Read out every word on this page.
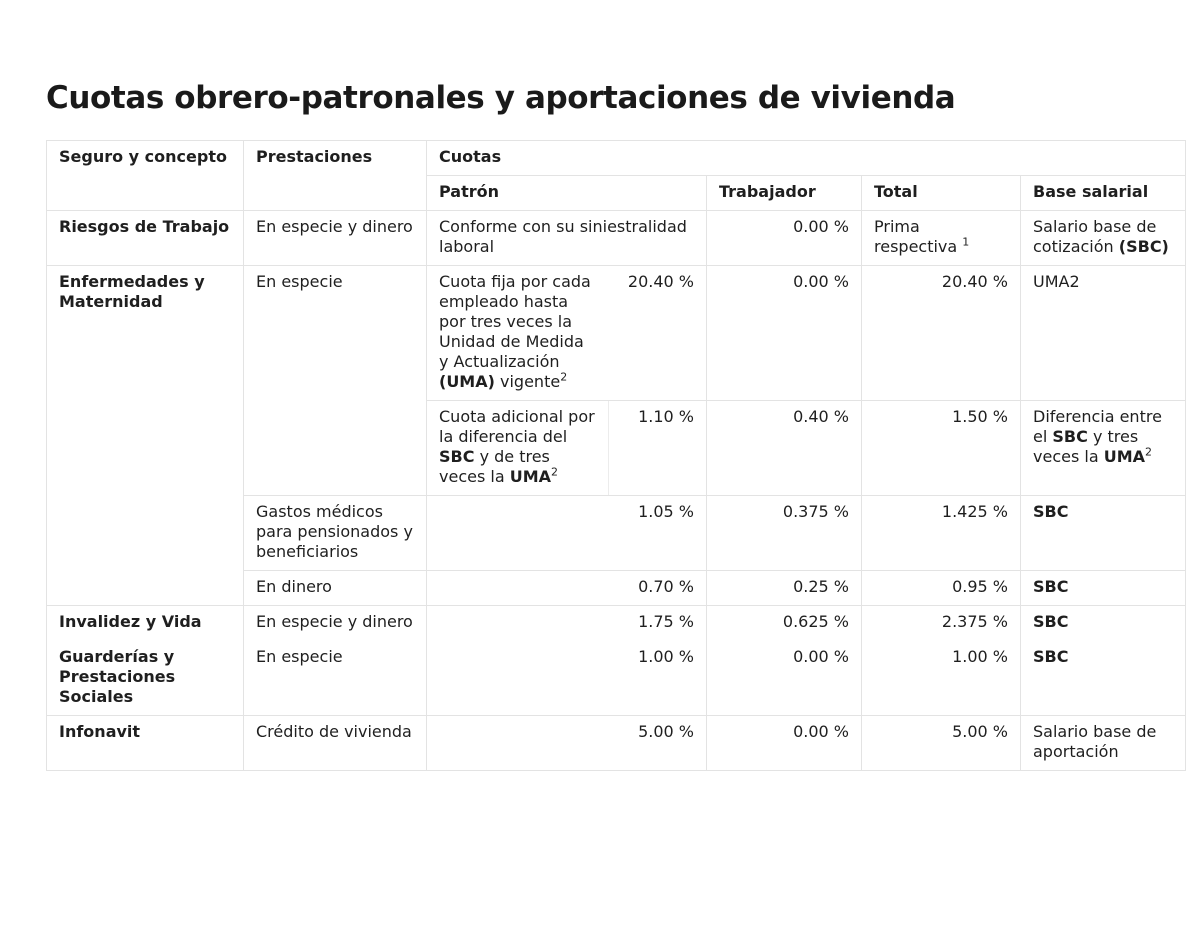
Cuotas obrero-patronales y aportaciones de vivienda
Seguro y concepto	Prestaciones	Cuotas				
		Patrón		Trabajador	Total	Base salarial
Riesgos de Trabajo	En especie y dinero	Conforme con su siniestralidad laboral		0.00 %	Prima respectiva $^1$	Salario base de cotización (SBC)
Enfermedades y Maternidad	En especie	Cuota fija por cada empleado hasta por tres veces la Unidad de Medida y Actualización (UMA) vigente$^2$	20.40 %	0.00 %	20.40 %	UMA2
		Cuota adicional por la diferencia del SBC y de tres veces la UMA$^2$	1.10 %	0.40 %	1.50 %	Diferencia entre el SBC y tres veces la UMA$^2$
	Gastos médicos para pensionados y beneficiarios	1.05 %		0.375 %	1.425 %	SBC
	En dinero	0.70 %		0.25 %	0.95 %	SBC
Invalidez y Vida	En especie y dinero	1.75 %		0.625 %	2.375 %	SBC
Guarderías y Prestaciones Sociales	En especie	1.00 %		0.00 %	1.00 %	SBC
Infonavit	Crédito de vivienda	5.00 %		0.00 %	5.00 %	Salario base de aportación
